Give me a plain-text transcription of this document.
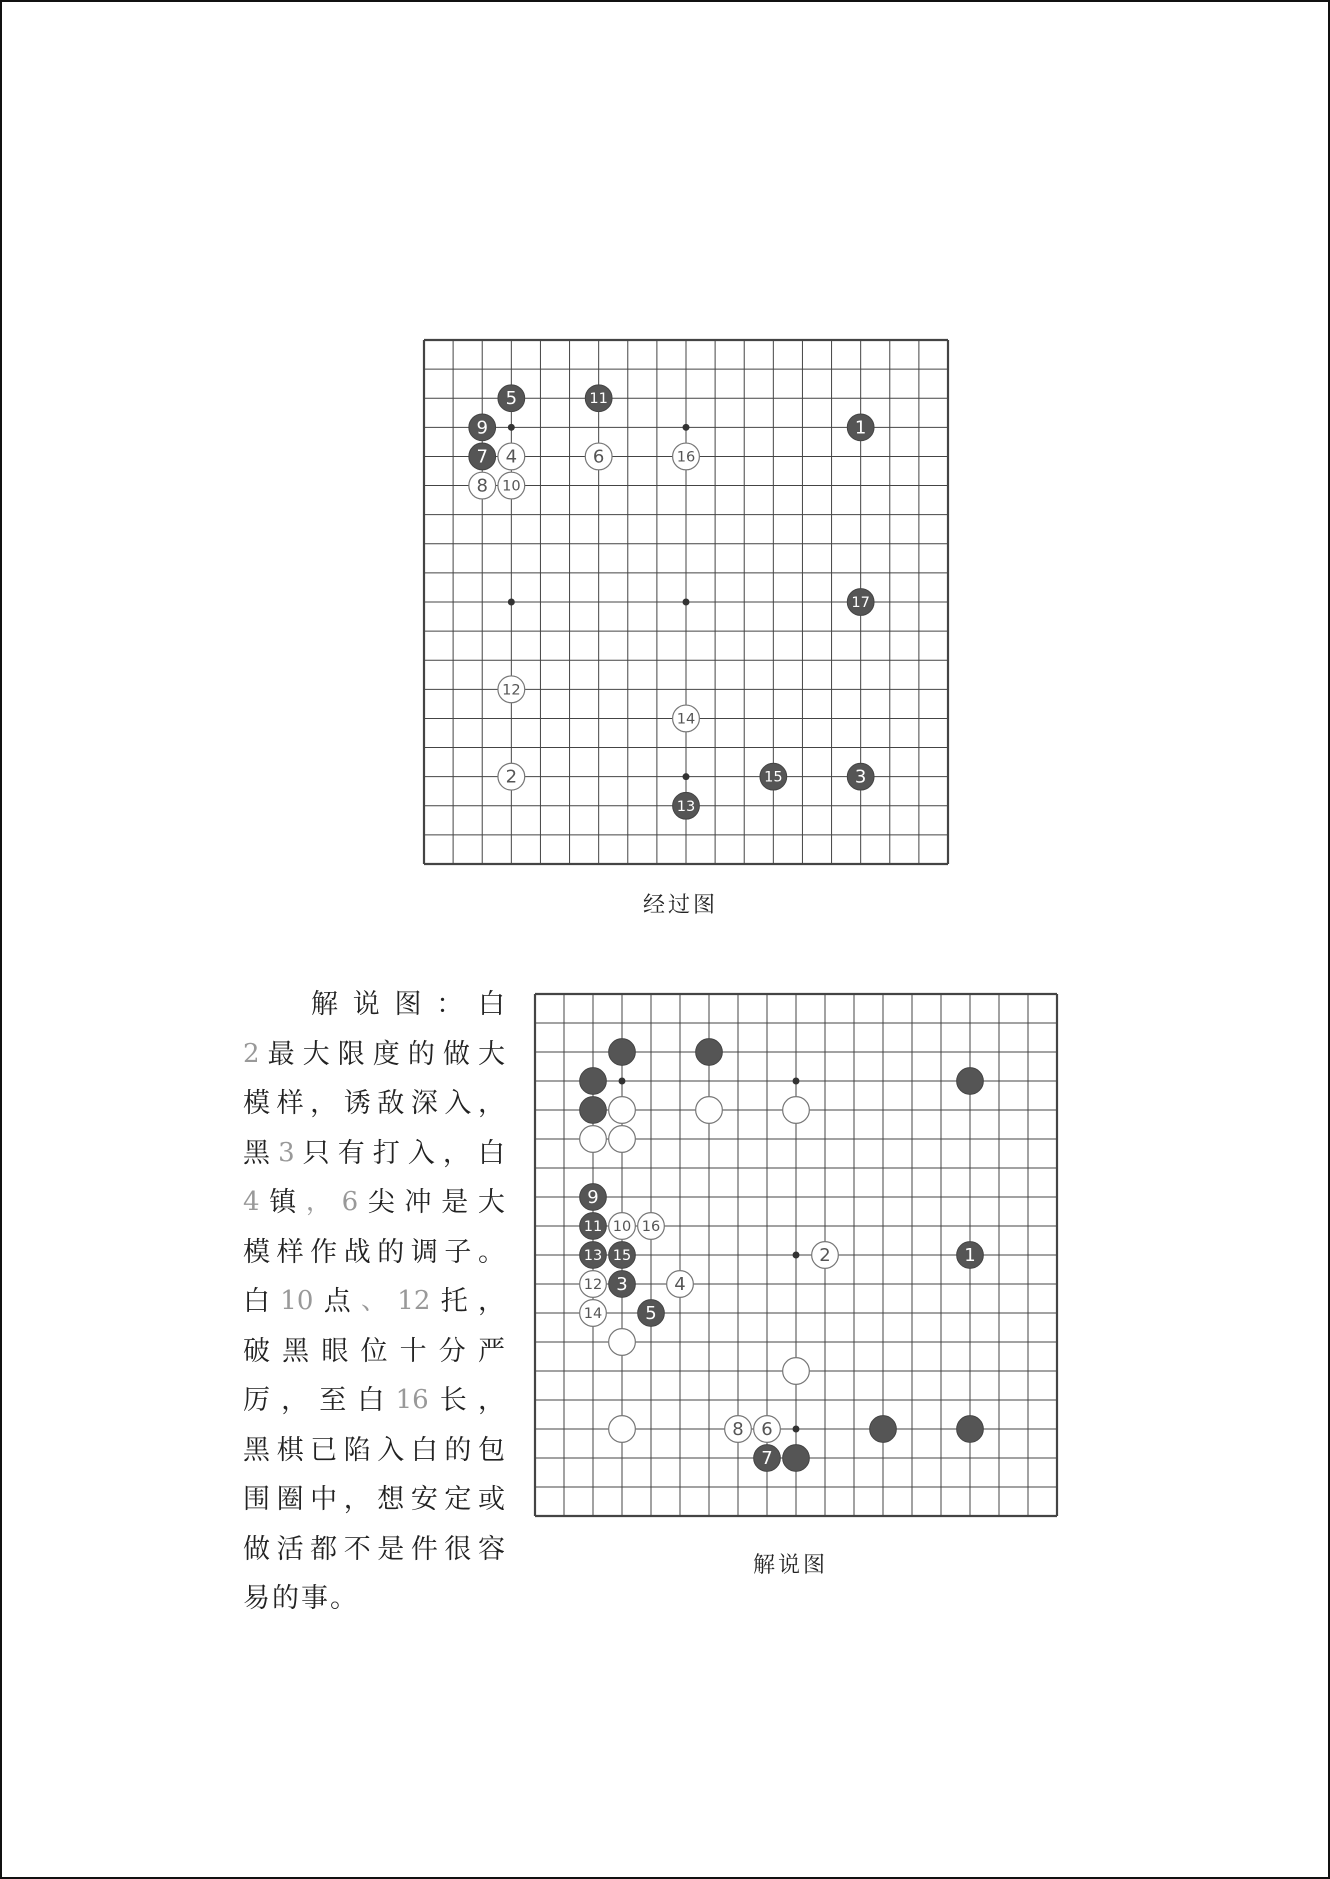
1
2	3
4
5
6
7
8
9
10
11
12
13
14
15
16
17
经过图
解 说 图 ： 白
2 最 大 限 度 的 做 大
模 样 ， 诱 敌 深 入 ，
黑 3 只 有 打 入 ， 白
4 镇 ， 6 尖 冲 是 大
模 样 作 战 的 调 子 。
白 10 点 、 12 托 ，
破 黑 眼 位 十 分 严
厉 ， 至 白 16 长 ，
黑 棋 已 陷 入 白 的 包
围 圈 中 ， 想 安 定 或
做 活 都 不 是 件 很 容
易 的 事 。
9
11 10 16
13 15	2	1
12 3	4
14 5
8 6
7
解说图
